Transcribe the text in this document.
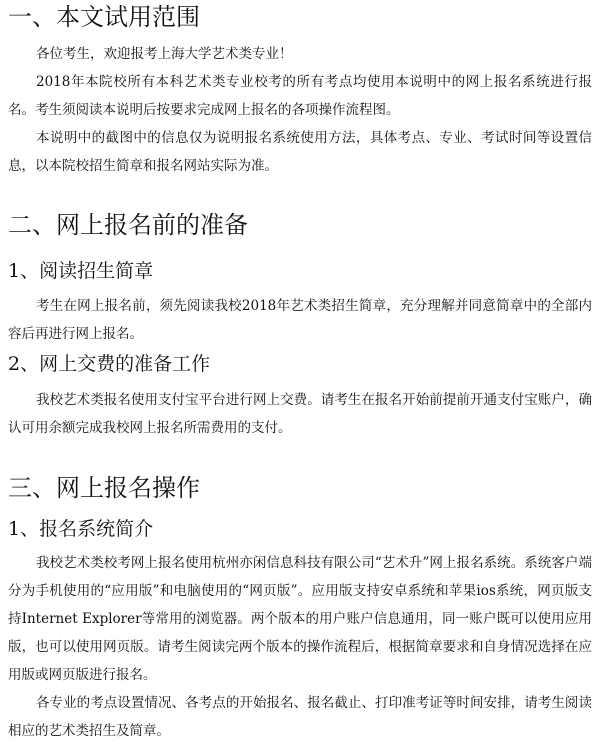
一、本文试用范围

各位考生，欢迎报考上海大学艺术类专业！

2018年本院校所有本科艺术类专业校考的所有考点均使用本说明中的网上报名系统进行报名。考生须阅读本说明后按要求完成网上报名的各项操作流程图。

本说明中的截图中的信息仅为说明报名系统使用方法，具体考点、专业、考试时间等设置信息，以本院校招生简章和报名网站实际为准。

二、网上报名前的准备
1、阅读招生简章

考生在网上报名前，须先阅读我校2018年艺术类招生简章，充分理解并同意简章中的全部内容后再进行网上报名。

2、网上交费的准备工作

我校艺术类报名使用支付宝平台进行网上交费。请考生在报名开始前提前开通支付宝账户，确认可用余额完成我校网上报名所需费用的支付。

三、网上报名操作
1、报名系统简介

我校艺术类校考网上报名使用杭州亦闲信息科技有限公司“艺术升”网上报名系统。系统客户端分为手机使用的“应用版”和电脑使用的“网页版”。应用版支持安卓系统和苹果ios系统，网页版支持Internet Explorer等常用的浏览器。两个版本的用户账户信息通用，同一账户既可以使用应用版，也可以使用网页版。请考生阅读完两个版本的操作流程后，根据简章要求和自身情况选择在应用版或网页版进行报名。

各专业的考点设置情况、各考点的开始报名、报名截止、打印准考证等时间安排，请考生阅读相应的艺术类招生及简章。
